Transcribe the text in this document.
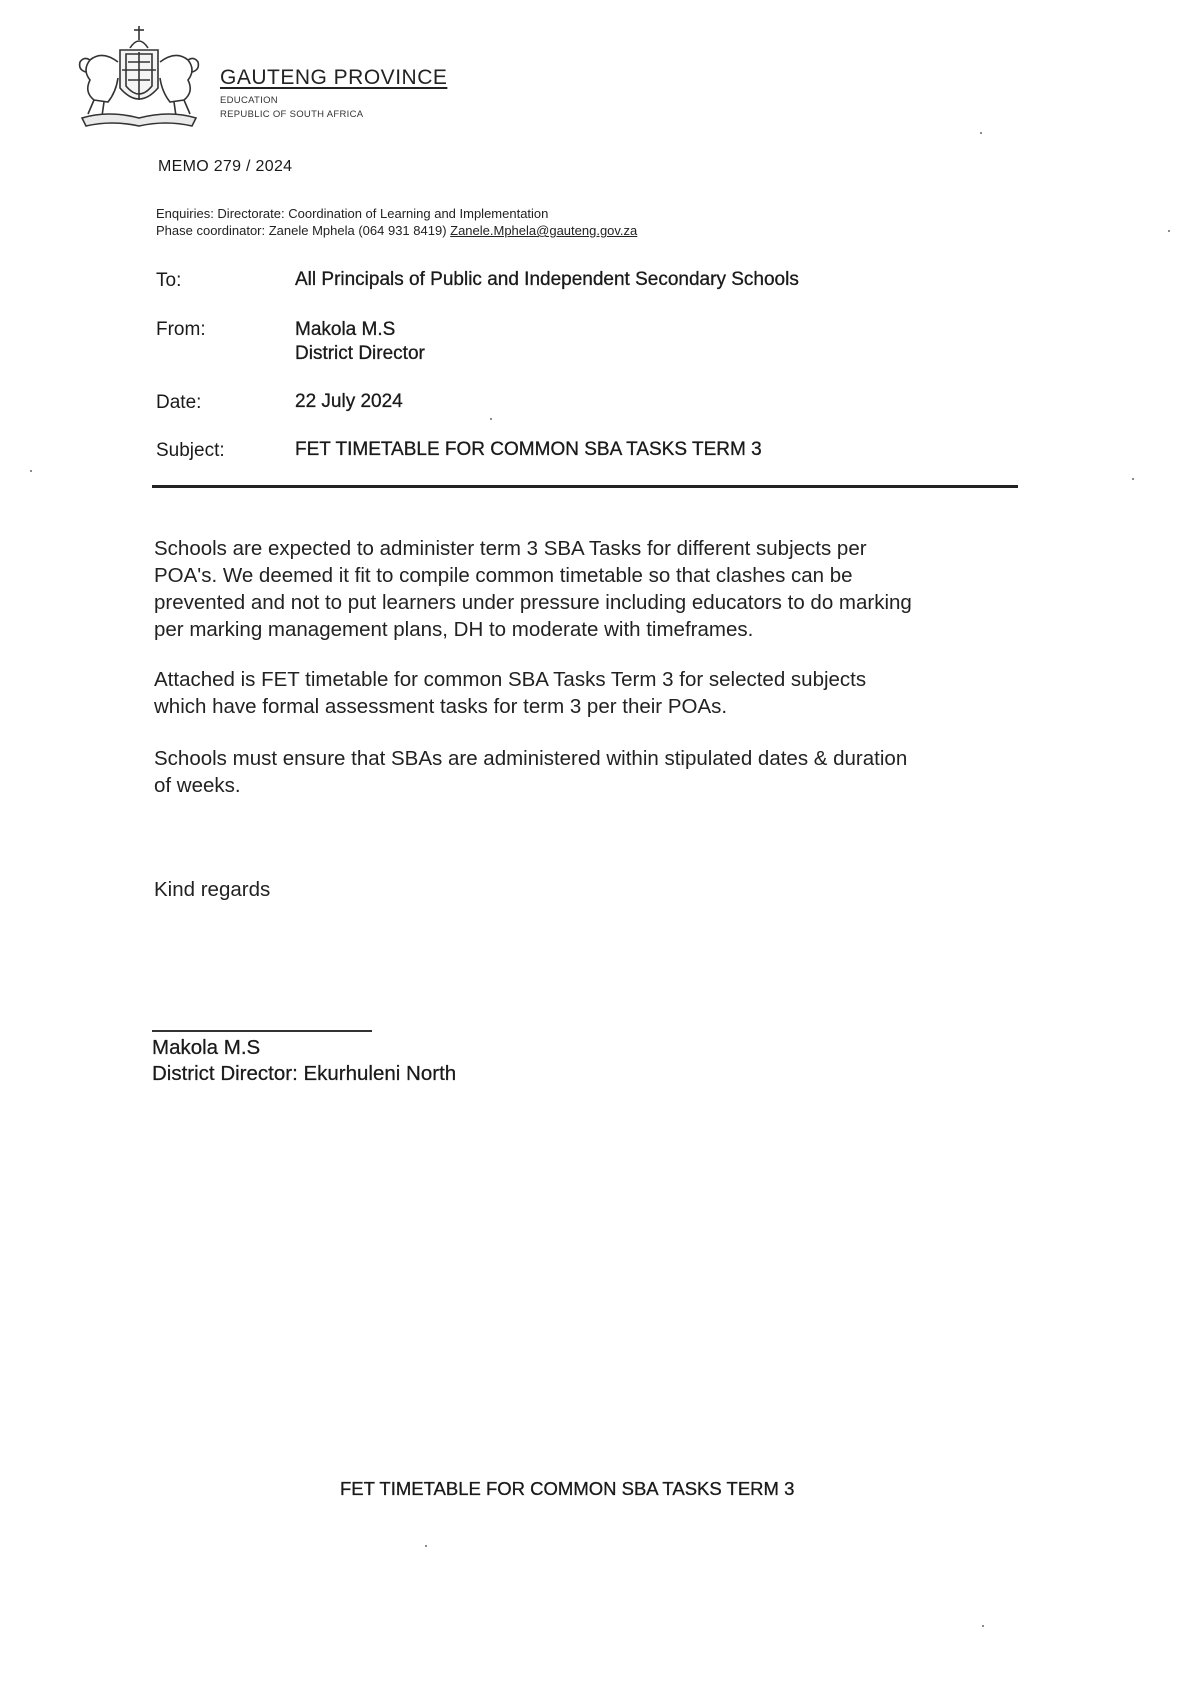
GAUTENG PROVINCE
EDUCATION
REPUBLIC OF SOUTH AFRICA
MEMO 279 / 2024
Enquiries: Directorate: Coordination of Learning and Implementation
Phase coordinator: Zanele Mphela (064 931 8419) Zanele.Mphela@gauteng.gov.za
To:	All Principals of Public and Independent Secondary Schools
From:	Makola M.S
District Director
Date:	22 July 2024
Subject:	FET TIMETABLE FOR COMMON SBA TASKS TERM 3
Schools are expected to administer term 3 SBA Tasks for different subjects per
POA's. We deemed it fit to compile common timetable so that clashes can be
prevented and not to put learners under pressure including educators to do marking
per marking management plans, DH to moderate with timeframes.
Attached is FET timetable for common SBA Tasks Term 3 for selected subjects
which have formal assessment tasks for term 3 per their POAs.
Schools must ensure that SBAs are administered within stipulated dates & duration
of weeks.
Kind regards
Makola M.S
District Director: Ekurhuleni North
FET TIMETABLE FOR COMMON SBA TASKS TERM 3
